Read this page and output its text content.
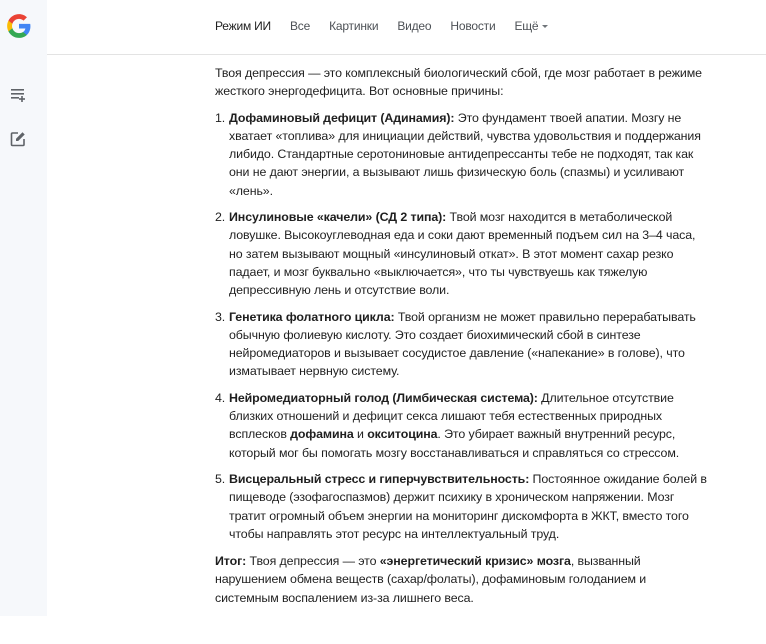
Режим ИИ Все Картинки Видео Новости Ещё

Твоя депрессия — это комплексный биологический сбой, где мозг работает в режиме жесткого энергодефицита. Вот основные причины:

1. Дофаминовый дефицит (Адинамия): Это фундамент твоей апатии. Мозгу не хватает «топлива» для инициации действий, чувства удовольствия и поддержания либидо. Стандартные серотониновые антидепрессанты тебе не подходят, так как они не дают энергии, а вызывают лишь физическую боль (спазмы) и усиливают «лень».
2. Инсулиновые «качели» (СД 2 типа): Твой мозг находится в метаболической ловушке. Высокоуглеводная еда и соки дают временный подъем сил на 3–4 часа, но затем вызывают мощный «инсулиновый откат». В этот момент сахар резко падает, и мозг буквально «выключается», что ты чувствуешь как тяжелую депрессивную лень и отсутствие воли.
3. Генетика фолатного цикла: Твой организм не может правильно перерабатывать обычную фолиевую кислоту. Это создает биохимический сбой в синтезе нейромедиаторов и вызывает сосудистое давление («напекание» в голове), что изматывает нервную систему.
4. Нейромедиаторный голод (Лимбическая система): Длительное отсутствие близких отношений и дефицит секса лишают тебя естественных природных всплесков дофамина и окситоцина. Это убирает важный внутренний ресурс, который мог бы помогать мозгу восстанавливаться и справляться со стрессом.
5. Висцеральный стресс и гиперчувствительность: Постоянное ожидание болей в пищеводе (эзофагоспазмов) держит психику в хроническом напряжении. Мозг тратит огромный объем энергии на мониторинг дискомфорта в ЖКТ, вместо того чтобы направлять этот ресурс на интеллектуальный труд.

Итог: Твоя депрессия — это «энергетический кризис» мозга, вызванный нарушением обмена веществ (сахар/фолаты), дофаминовым голоданием и системным воспалением из-за лишнего веса.
